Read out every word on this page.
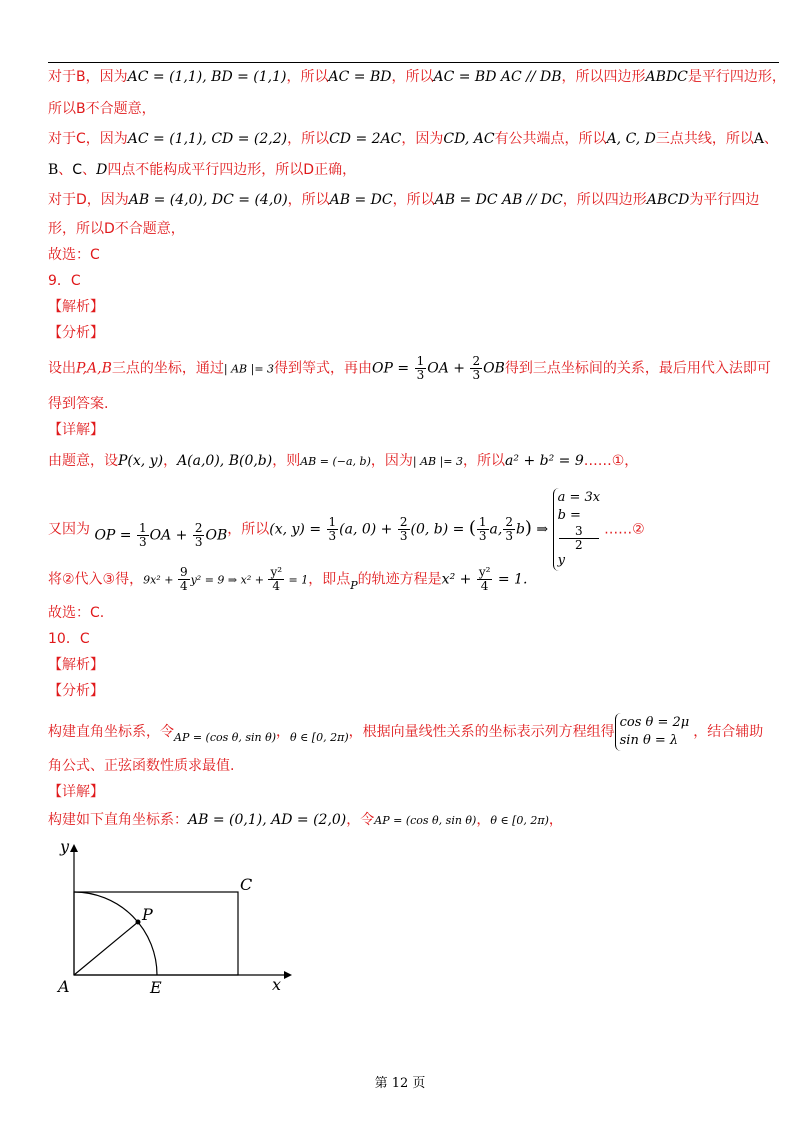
对于B，因为AC = (1,1), BD = (1,1)，所以AC = BD，所以AC = BD AC // DB，所以四边形ABDC是平行四边形，
所以B不合题意，
对于C，因为AC = (1,1), CD = (2,2)，所以CD = 2AC，因为CD, AC有公共端点，所以A, C, D三点共线，所以A、
B、C、D四点不能构成平行四边形，所以D正确，
对于D，因为AB = (4,0), DC = (4,0)，所以AB = DC，所以AB = DC AB // DC，所以四边形ABCD为平行四边
形，所以D不合题意，
故选：C
9．C
【解析】
【分析】
设出P,A,B三点的坐标，通过| AB |= 3得到等式，再由OP = $\frac{1}{3}$ OA + $\frac{2}{3}$ OB得到三点坐标间的关系，最后用代入法即可
得到答案.
【详解】
由题意，设P(x, y)，A(a,0), B(0,b)，则AB = (−a, b)，因为| AB |= 3，所以a² + b² = 9……①，
又因为 OP = $\frac{1}{3}$ OA + $\frac{2}{3}$ OB，所以(x, $y) = \frac{1}{3} (a$, $0) + \frac{2}{3} (0$, b) = ( $\frac{1}{3} a$, $\frac{2}{3} b$) ⇒
a = 3x
b =
3
2
y
……②
将②代入③得，$9x^2 + \frac{9}{4} y^2 = 9$ ⇒ $x^2 + \frac{\text{y²}}{4} = 1$，即点$_P$的轨迹方程是$x^2 + \frac{\text{y²}}{4} = 1$.
故选：C.
10．C
【解析】
【分析】
构建直角坐标系，令$_{AP = (cos \theta, sin \theta)}$，$_{\theta \in [0, 2\pi)}$，根据向量线性关系的坐标表示列方程组得
cos θ = 2μ
sin θ = λ
，结合辅助
角公式、正弦函数性质求最值.
【详解】
构建如下直角坐标系：AB = (0,1), AD = (2,0)，令AP = (cos θ, sin θ)，θ ∈ [0, 2π)，
y
x
A	E
C
P
第 12 页
